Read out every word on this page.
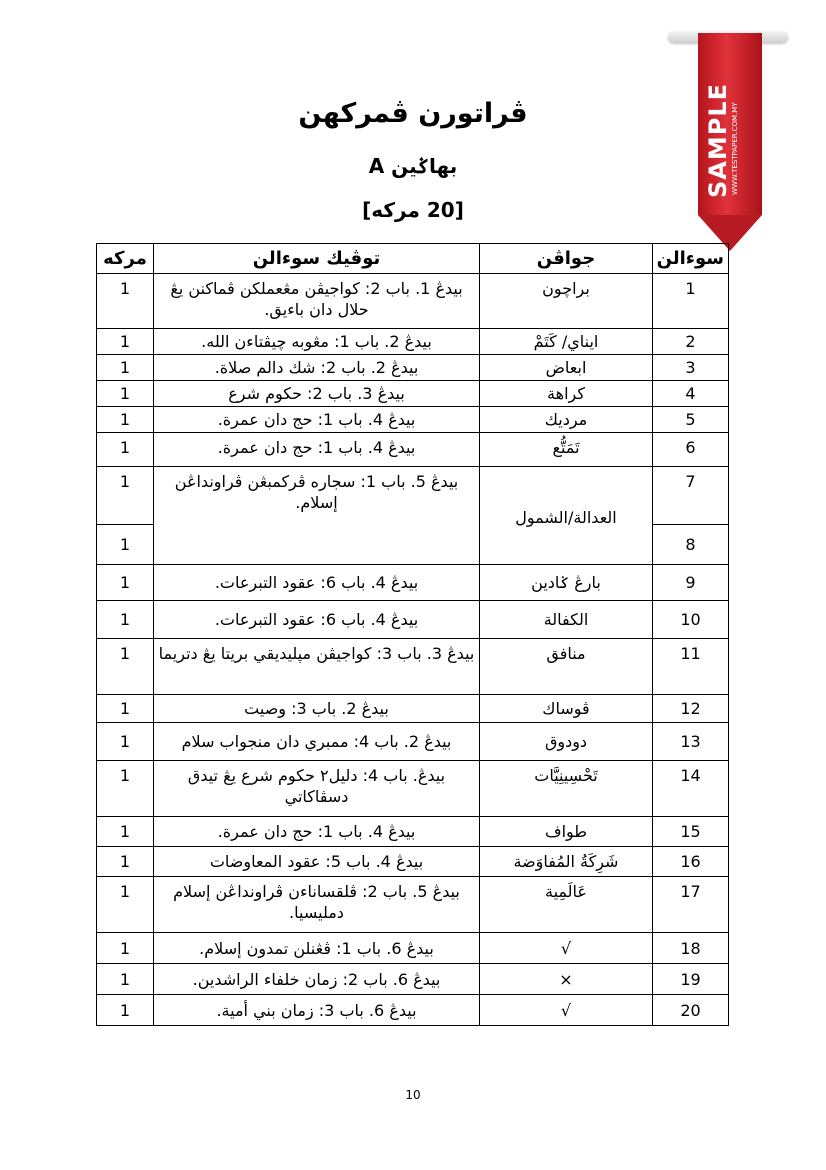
ڤراتورن ڤمركهن
بهاݢين A
[20 مركه]
SAMPLE WWW.TESTPAPER.COM.MY
سوءالن	جواڤن	توڤيك سوءالن	مركه
1	براچون	بيدڠ 1. باب 2: كواجيڤن مڠعملكن ڤماكنن يڠ حلال دان باءيق.	1
2	ايناي/ كَتَمْ	بيدڠ 2. باب 1: مڠوبه چيڤتاءن الله.	1
3	ابعاض	بيدڠ 2. باب 2: شك دالم صلاة.	1
4	كراهة	بيدڠ 3. باب 2: حكوم شرع	1
5	مرديك	بيدڠ 4. باب 1: حج دان عمرة.	1
6	تَمَتُّع	بيدڠ 4. باب 1: حج دان عمرة.	1
7	العدالة/الشمول	بيدڠ 5. باب 1: سجاره ڤركمبڠن ڤراونداڠن إسلام.	1
8			1
9	بارڠ ݢادين	بيدڠ 4. باب 6: عقود التبرعات.	1
10	الكفالة	بيدڠ 4. باب 6: عقود التبرعات.	1
11	منافق	بيدڠ 3. باب 3: كواجيڤن مڽليديقي بريتا يڠ دتريما	1
12	ڤوساك	بيدڠ 2. باب 3: وصيت	1
13	دودوق	بيدڠ 2. باب 4: ممبري دان منجواب سلام	1
14	تَحْسِينِيَّات	بيدڠ. باب 4: دليل٢ حكوم شرع يڠ تيدق دسڤاكاتي	1
15	طواف	بيدڠ 4. باب 1: حج دان عمرة.	1
16	شَرِكَةُ المُفاوَضة	بيدڠ 4. باب 5: عقود المعاوضات	1
17	عَالَمِية	بيدڠ 5. باب 2: ڤلقساناءن ڤراونداڠن إسلام دمليسيا.	1
18	√	بيدڠ 6. باب 1: ڤڠنلن تمدون إسلام.	1
19	×	بيدڠ 6. باب 2: زمان خلفاء الراشدين.	1
20	√	بيدڠ 6. باب 3: زمان بني أمية.	1
10
